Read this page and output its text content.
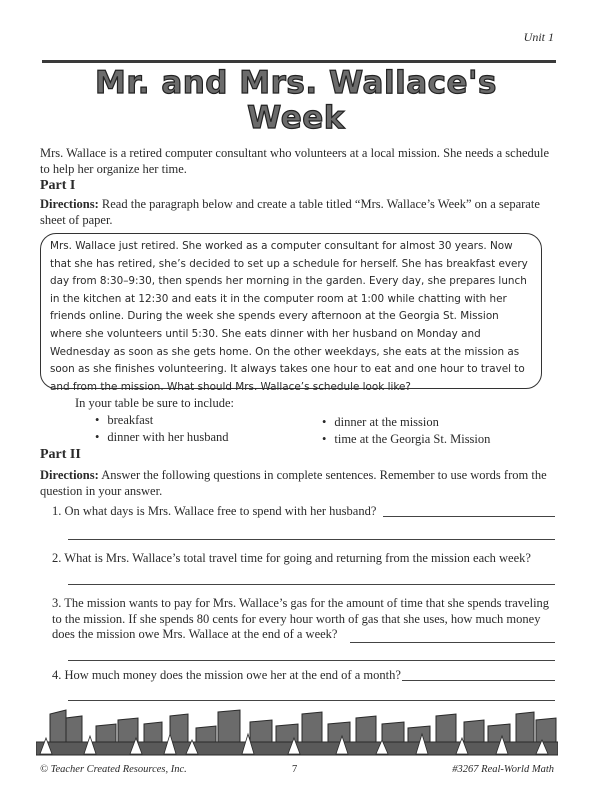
Unit 1
Mr. and Mrs. Wallace's
Week
Mrs. Wallace is a retired computer consultant who volunteers at a local mission. She needs a schedule to help her organize her time.
Part I
Directions: Read the paragraph below and create a table titled “Mrs. Wallace’s Week” on a separate sheet of paper.
Mrs. Wallace just retired. She worked as a computer consultant for almost 30 years. Now that she has retired, she’s decided to set up a schedule for herself. She has breakfast every day from 8:30–9:30, then spends her morning in the garden. Every day, she prepares lunch in the kitchen at 12:30 and eats it in the computer room at 1:00 while chatting with her friends online. During the week she spends every afternoon at the Georgia St. Mission where she volunteers until 5:30. She eats dinner with her husband on Monday and Wednesday as soon as she gets home. On the other weekdays, she eats at the mission as soon as she finishes volunteering. It always takes one hour to eat and one hour to travel to and from the mission. What should Mrs. Wallace’s schedule look like?
In your table be sure to include:
• breakfast
• dinner with her husband
• dinner at the mission
• time at the Georgia St. Mission
Part II
Directions: Answer the following questions in complete sentences. Remember to use words from the question in your answer.
1. On what days is Mrs. Wallace free to spend with her husband?
2. What is Mrs. Wallace’s total travel time for going and returning from the mission each week?
3. The mission wants to pay for Mrs. Wallace’s gas for the amount of time that she spends traveling to the mission. If she spends 80 cents for every hour worth of gas that she uses, how much money does the mission owe Mrs. Wallace at the end of a week?
4. How much money does the mission owe her at the end of a month?
© Teacher Created Resources, Inc.	7	#3267 Real-World Math
